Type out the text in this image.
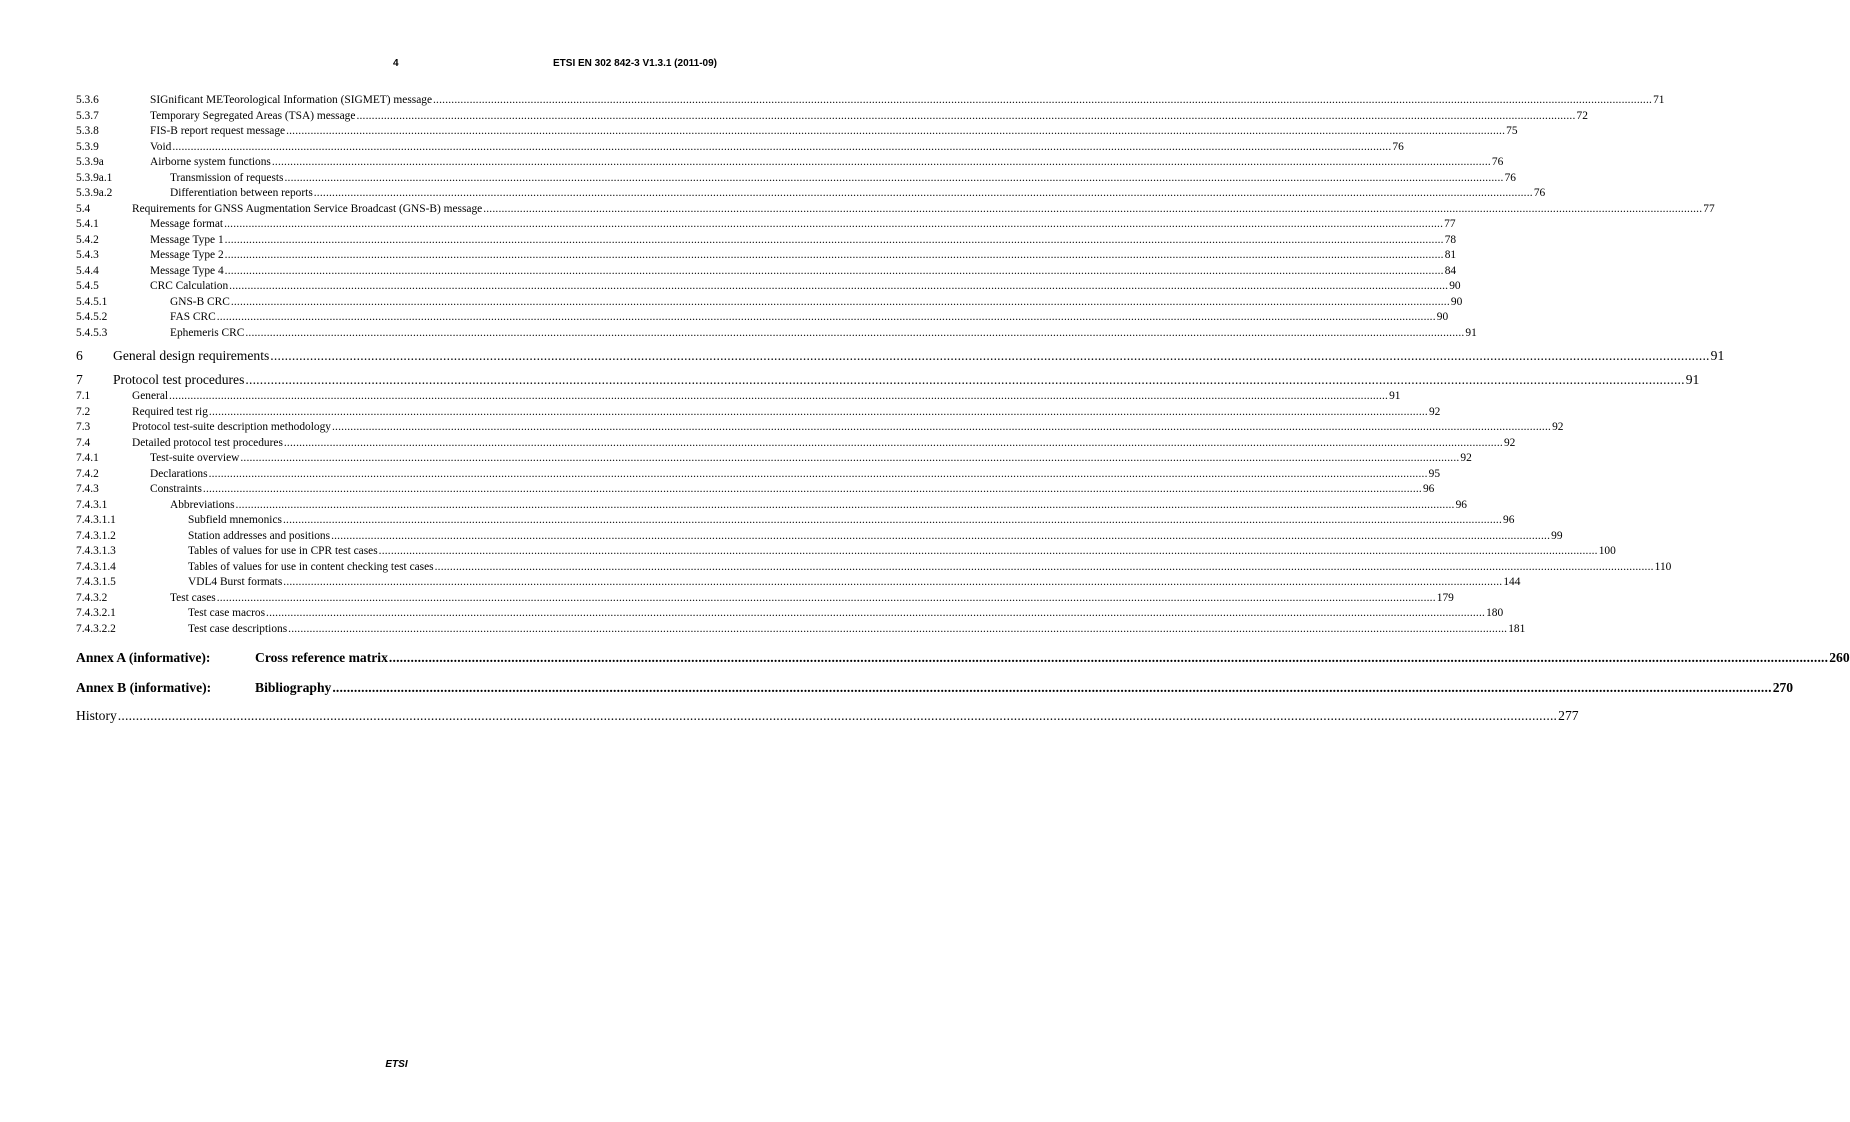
4	ETSI EN 302 842-3 V1.3.1 (2011-09)
5.3.6	SIGnificant METeorological Information (SIGMET) message ................................................................................................................................................................................................................................................................................................................................................................................................................ 71
5.3.7	Temporary Segregated Areas (TSA) message ................................................................................................................................................................................................................................................................................................................................................................................................................ 72
5.3.8	FIS-B report request message ................................................................................................................................................................................................................................................................................................................................................................................................................ 75
5.3.9	Void ................................................................................................................................................................................................................................................................................................................................................................................................................ 76
5.3.9a	Airborne system functions ................................................................................................................................................................................................................................................................................................................................................................................................................ 76
5.3.9a.1	Transmission of requests ................................................................................................................................................................................................................................................................................................................................................................................................................ 76
5.3.9a.2	Differentiation between reports ................................................................................................................................................................................................................................................................................................................................................................................................................ 76
5.4	Requirements for GNSS Augmentation Service Broadcast (GNS-B) message ................................................................................................................................................................................................................................................................................................................................................................................................................ 77
5.4.1	Message format ................................................................................................................................................................................................................................................................................................................................................................................................................ 77
5.4.2	Message Type 1 ................................................................................................................................................................................................................................................................................................................................................................................................................ 78
5.4.3	Message Type 2 ................................................................................................................................................................................................................................................................................................................................................................................................................ 81
5.4.4	Message Type 4 ................................................................................................................................................................................................................................................................................................................................................................................................................ 84
5.4.5	CRC Calculation ................................................................................................................................................................................................................................................................................................................................................................................................................ 90
5.4.5.1	GNS-B CRC ................................................................................................................................................................................................................................................................................................................................................................................................................ 90
5.4.5.2	FAS CRC ................................................................................................................................................................................................................................................................................................................................................................................................................ 90
5.4.5.3	Ephemeris CRC ................................................................................................................................................................................................................................................................................................................................................................................................................ 91
6	General design requirements ................................................................................................................................................................................................................................................................................................................................................................................................................ 91
7	Protocol test procedures ................................................................................................................................................................................................................................................................................................................................................................................................................ 91
7.1	General ................................................................................................................................................................................................................................................................................................................................................................................................................ 91
7.2	Required test rig ................................................................................................................................................................................................................................................................................................................................................................................................................ 92
7.3	Protocol test-suite description methodology ................................................................................................................................................................................................................................................................................................................................................................................................................ 92
7.4	Detailed protocol test procedures ................................................................................................................................................................................................................................................................................................................................................................................................................ 92
7.4.1	Test-suite overview ................................................................................................................................................................................................................................................................................................................................................................................................................ 92
7.4.2	Declarations ................................................................................................................................................................................................................................................................................................................................................................................................................ 95
7.4.3	Constraints ................................................................................................................................................................................................................................................................................................................................................................................................................ 96
7.4.3.1	Abbreviations ................................................................................................................................................................................................................................................................................................................................................................................................................ 96
7.4.3.1.1	Subfield mnemonics ................................................................................................................................................................................................................................................................................................................................................................................................................ 96
7.4.3.1.2	Station addresses and positions ................................................................................................................................................................................................................................................................................................................................................................................................................ 99
7.4.3.1.3	Tables of values for use in CPR test cases ................................................................................................................................................................................................................................................................................................................................................................................................................ 100
7.4.3.1.4	Tables of values for use in content checking test cases ................................................................................................................................................................................................................................................................................................................................................................................................................ 110
7.4.3.1.5	VDL4 Burst formats ................................................................................................................................................................................................................................................................................................................................................................................................................ 144
7.4.3.2	Test cases ................................................................................................................................................................................................................................................................................................................................................................................................................ 179
7.4.3.2.1	Test case macros ................................................................................................................................................................................................................................................................................................................................................................................................................ 180
7.4.3.2.2	Test case descriptions ................................................................................................................................................................................................................................................................................................................................................................................................................ 181
Annex A (informative):	Cross reference matrix ................................................................................................................................................................................................................................................................................................................................................................................................................ 260
Annex B (informative):	Bibliography ................................................................................................................................................................................................................................................................................................................................................................................................................ 270
History ................................................................................................................................................................................................................................................................................................................................................................................................................ 277
ETSI
